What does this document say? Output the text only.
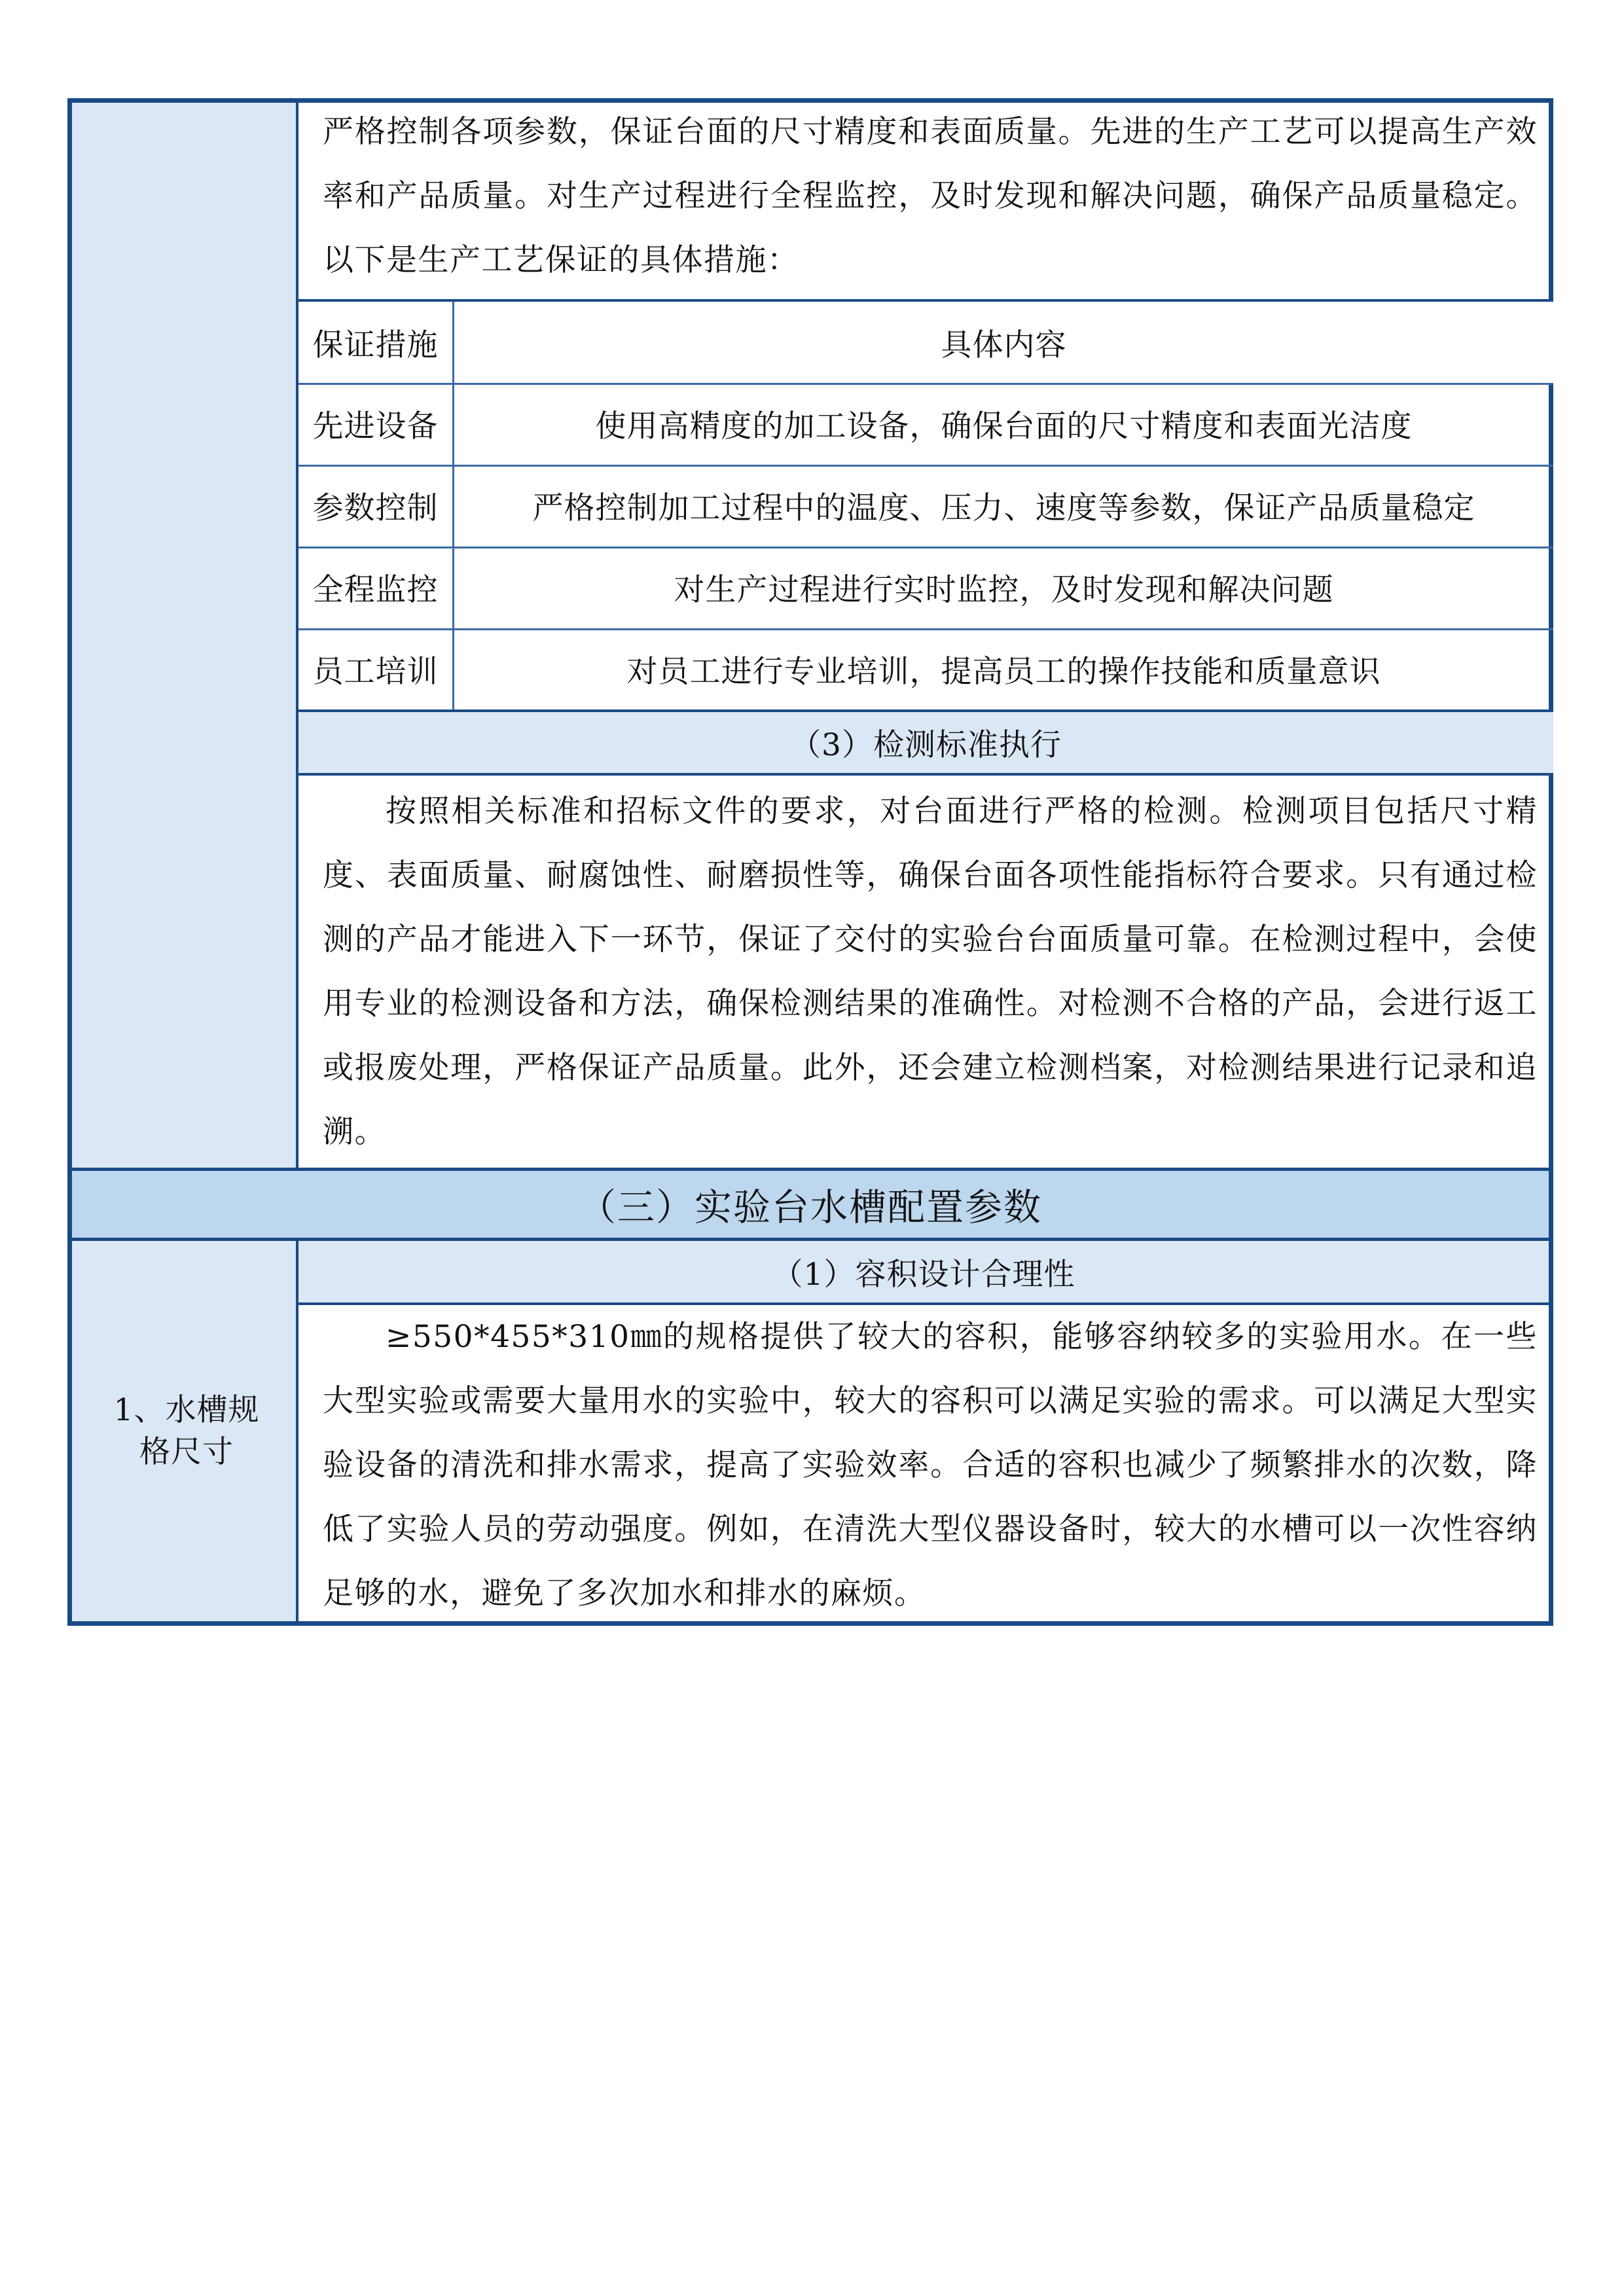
严格控制各项参数，保证台面的尺寸精度和表面质量。先进的生产工艺可以提高生产效率和产品质量。对生产过程进行全程监控，及时发现和解决问题，确保产品质量稳定。以下是生产工艺保证的具体措施：
保证措施	具体内容
先进设备	使用高精度的加工设备，确保台面的尺寸精度和表面光洁度
参数控制	严格控制加工过程中的温度、压力、速度等参数，保证产品质量稳定
全程监控	对生产过程进行实时监控，及时发现和解决问题
员工培训	对员工进行专业培训，提高员工的操作技能和质量意识
（3）检测标准执行
按照相关标准和招标文件的要求，对台面进行严格的检测。检测项目包括尺寸精度、表面质量、耐腐蚀性、耐磨损性等，确保台面各项性能指标符合要求。只有通过检测的产品才能进入下一环节，保证了交付的实验台台面质量可靠。在检测过程中，会使用专业的检测设备和方法，确保检测结果的准确性。对检测不合格的产品，会进行返工或报废处理，严格保证产品质量。此外，还会建立检测档案，对检测结果进行记录和追溯。
（三）实验台水槽配置参数
1、水槽规格尺寸
（1）容积设计合理性
≥550*455*310㎜的规格提供了较大的容积，能够容纳较多的实验用水。在一些大型实验或需要大量用水的实验中，较大的容积可以满足实验的需求。可以满足大型实验设备的清洗和排水需求，提高了实验效率。合适的容积也减少了频繁排水的次数，降低了实验人员的劳动强度。例如，在清洗大型仪器设备时，较大的水槽可以一次性容纳足够的水，避免了多次加水和排水的麻烦。
